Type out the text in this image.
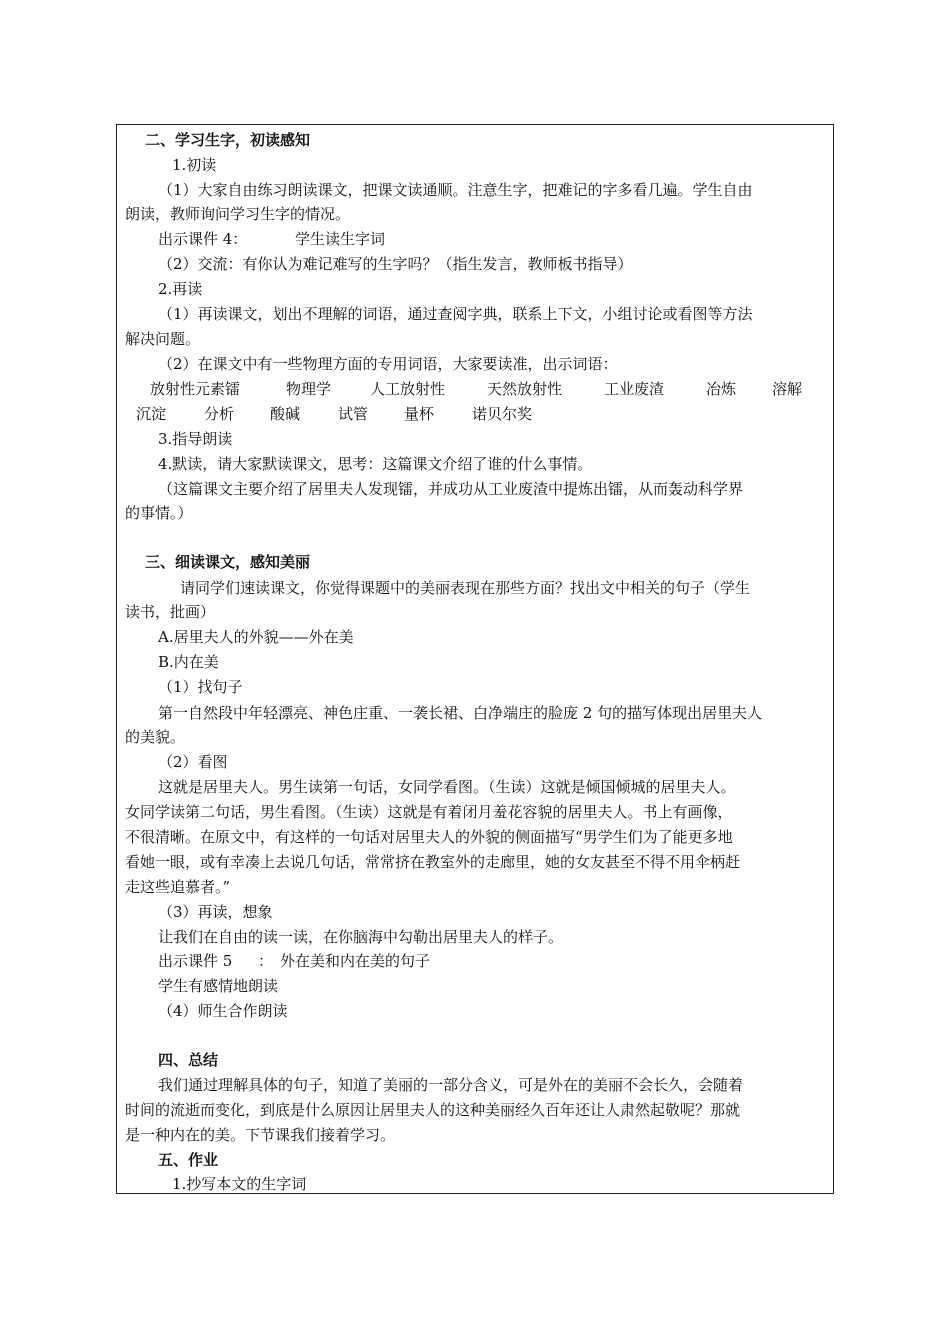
二、学习生字，初读感知
1.初读
（1）大家自由练习朗读课文，把课文读通顺。注意生字，把难记的字多看几遍。学生自由
朗读，教师询问学习生字的情况。
出示课件 4：	学生读生字词
（2）交流：有你认为难记难写的生字吗？（指生发言，教师板书指导）
2.再读
（1）再读课文，划出不理解的词语，通过查阅字典，联系上下文，小组讨论或看图等方法
解决问题。
（2）在课文中有一些物理方面的专用词语，大家要读准，出示词语：
放射性元素镭	物理学	人工放射性	天然放射性	工业废渣	冶炼 溶解
沉淀	分析 酸碱	试管 量杯	诺贝尔奖
3.指导朗读
4.默读，请大家默读课文，思考：这篇课文介绍了谁的什么事情。
（这篇课文主要介绍了居里夫人发现镭，并成功从工业废渣中提炼出镭，从而轰动科学界
的事情。）
三、细读课文，感知美丽
请同学们速读课文，你觉得课题中的美丽表现在那些方面？找出文中相关的句子（学生
读书，批画）
A.居里夫人的外貌——外在美
B.内在美
（1）找句子
第一自然段中年轻漂亮、神色庄重、一袭长裙、白净端庄的脸庞 2 句的描写体现出居里夫人
的美貌。
（2）看图
这就是居里夫人。男生读第一句话，女同学看图。（生读）这就是倾国倾城的居里夫人。
女同学读第二句话，男生看图。（生读）这就是有着闭月羞花容貌的居里夫人。书上有画像，
不很清晰。在原文中，有这样的一句话对居里夫人的外貌的侧面描写“男学生们为了能更多地
看她一眼，或有幸凑上去说几句话，常常挤在教室外的走廊里，她的女友甚至不得不用伞柄赶
走这些追慕者。”
（3）再读，想象
让我们在自由的读一读，在你脑海中勾勒出居里夫人的样子。
出示课件 5 ： 外在美和内在美的句子
学生有感情地朗读
（4）师生合作朗读
四、总结
我们通过理解具体的句子，知道了美丽的一部分含义，可是外在的美丽不会长久，会随着
时间的流逝而变化，到底是什么原因让居里夫人的这种美丽经久百年还让人肃然起敬呢？那就
是一种内在的美。下节课我们接着学习。
五、作业
1.抄写本文的生字词
